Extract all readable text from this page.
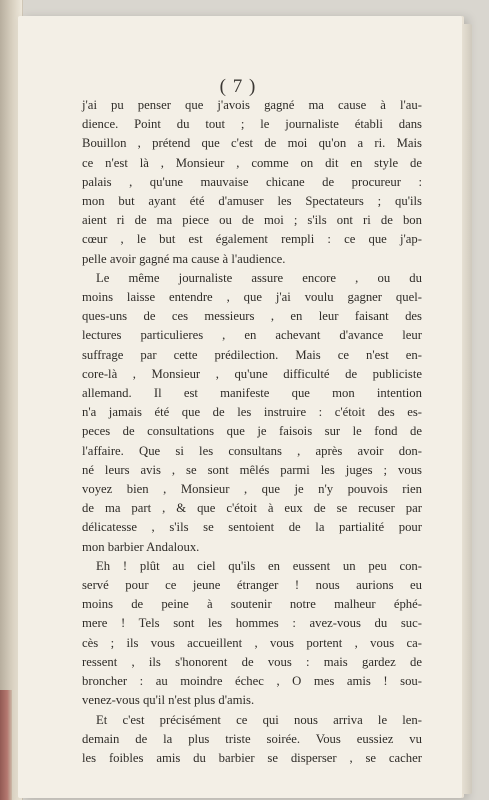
( 7 )
j'ai pu penser que j'avois gagné ma cause à l'au-
dience. Point du tout ; le journaliste établi dans
Bouillon , prétend que c'est de moi qu'on a ri. Mais
ce n'est là , Monsieur , comme on dit en style de
palais , qu'une mauvaise chicane de procureur :
mon but ayant été d'amuser les Spectateurs ; qu'ils
aient ri de ma piece ou de moi ; s'ils ont ri de bon
cœur , le but est également rempli : ce que j'ap-
pelle avoir gagné ma cause à l'audience.
Le même journaliste assure encore , ou du
moins laisse entendre , que j'ai voulu gagner quel-
ques-uns de ces messieurs , en leur faisant des
lectures particulieres , en achevant d'avance leur
suffrage par cette prédilection. Mais ce n'est en-
core-là , Monsieur , qu'une difficulté de publiciste
allemand. Il est manifeste que mon intention
n'a jamais été que de les instruire : c'étoit des es-
peces de consultations que je faisois sur le fond de
l'affaire. Que si les consultans , après avoir don-
né leurs avis , se sont mêlés parmi les juges ; vous
voyez bien , Monsieur , que je n'y pouvois rien
de ma part , & que c'étoit à eux de se recuser par
délicatesse , s'ils se sentoient de la partialité pour
mon barbier Andaloux.
Eh ! plût au ciel qu'ils en eussent un peu con-
servé pour ce jeune étranger ! nous aurions eu
moins de peine à soutenir notre malheur éphé-
mere ! Tels sont les hommes : avez-vous du suc-
cès ; ils vous accueillent , vous portent , vous ca-
ressent , ils s'honorent de vous : mais gardez de
broncher : au moindre échec , O mes amis ! sou-
venez-vous qu'il n'est plus d'amis.
Et c'est précisément ce qui nous arriva le len-
demain de la plus triste soirée. Vous eussiez vu
les foibles amis du barbier se disperser , se cacher
